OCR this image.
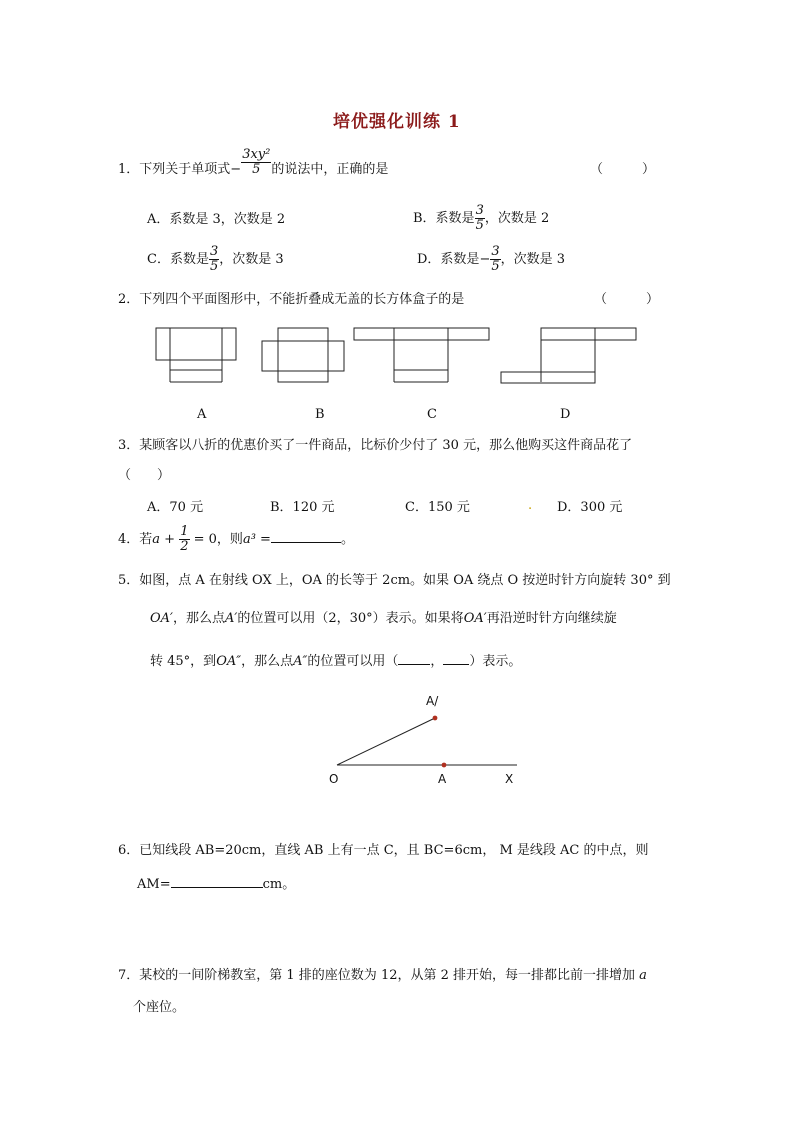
培优强化训练 1
1．下列关于单项式− $\frac{\text{3xy²}}{5}$ 的说法中，正确的是	（　　　）
A．系数是 3，次数是 2	B．系数是 $\frac{3}{5}$ ，次数是 2
C．系数是 $\frac{3}{5}$ ，次数是 3	D．系数是− $\frac{3}{5}$ ，次数是 3
2．下列四个平面图形中，不能折叠成无盖的长方体盒子的是	（　　　）
A	B	C	D
3．某顾客以八折的优惠价买了一件商品，比标价少付了 30 元，那么他购买这件商品花了
（　　）
A．70 元	B．120 元	C．150 元	. D．300 元
4．若$a + \frac{1}{2} = 0$，则a³ =	。
5．如图，点 A 在射线 OX 上，OA 的长等于 2cm。如果 OA 绕点 O 按逆时针方向旋转 30° 到
OA′，那么点A′的位置可以用（2，30°）表示。如果将OA′再沿逆时针方向继续旋
转 45°，到OA″，那么点A″的位置可以用（ ， ）表示。
A/
O	A	X
6．已知线段 AB=20cm，直线 AB 上有一点 C，且 BC=6cm， M 是线段 AC 的中点，则
AM=	cm。
7．某校的一间阶梯教室，第 1 排的座位数为 12，从第 2 排开始，每一排都比前一排增加 a
个座位。
